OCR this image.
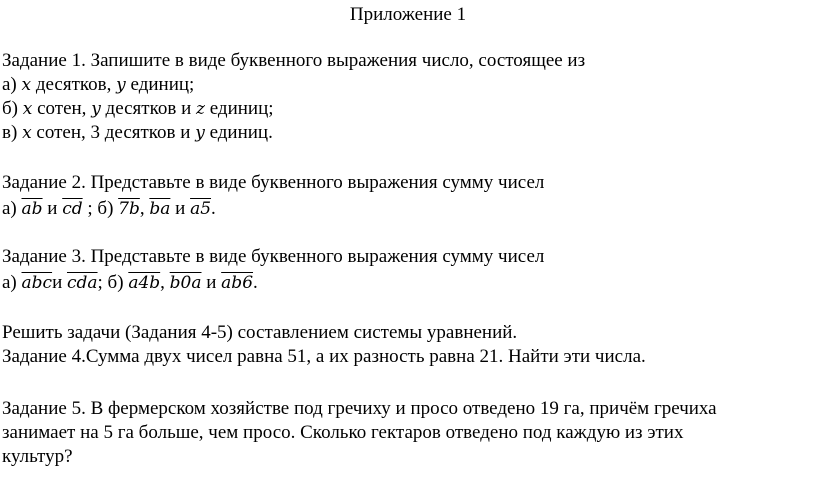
Приложение 1
Задание 1. Запишите в виде буквенного выражения число, состоящее из
а) x десятков, y единиц;
б) x сотен, y десятков и z единиц;
в) x сотен, 3 десятков и y единиц.
Задание 2. Представьте в виде буквенного выражения сумму чисел
а) $\overline{ab}$ и $\overline{cd}$ ; б) 7b, $\overline{ba}$ и a5.
Задание 3. Представьте в виде буквенного выражения сумму чисел
а) $\overline{abc}и$ $\overline{cda}$; б) a4b, b0a и ab6.
Решить задачи (Задания 4-5) составлением системы уравнений.
Задание 4.Сумма двух чисел равна 51, а их разность равна 21. Найти эти числа.
Задание 5. В фермерском хозяйстве под гречиху и просо отведено 19 га, причём гречиха
занимает на 5 га больше, чем просо. Сколько гектаров отведено под каждую из этих
культур?
